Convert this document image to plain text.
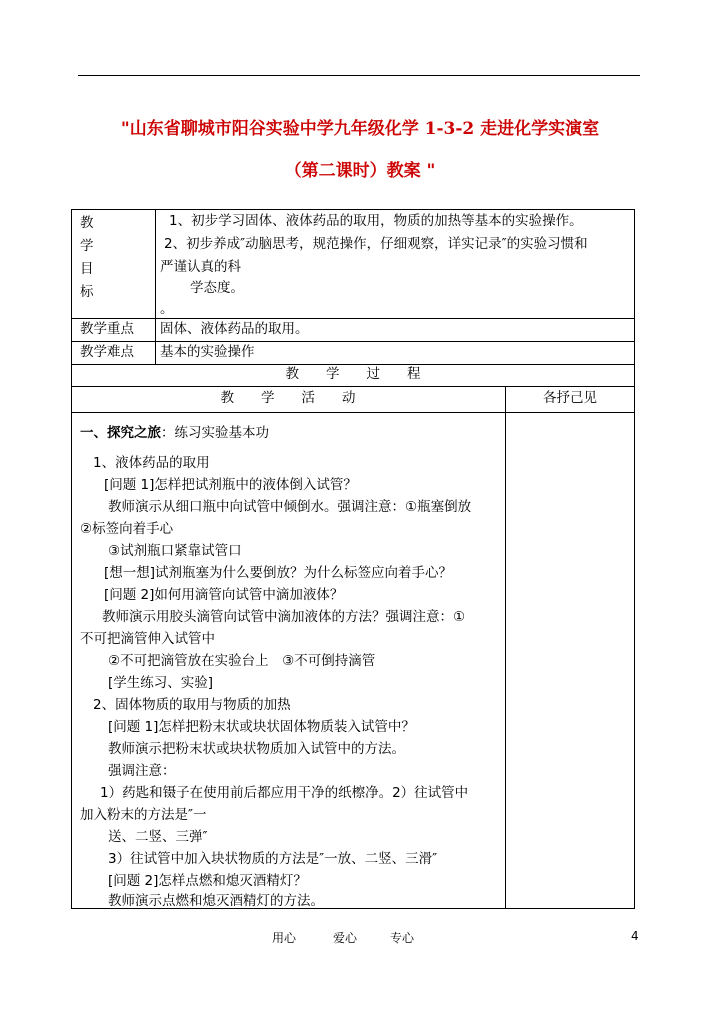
"山东省聊城市阳谷实验中学九年级化学 1-3-2 走进化学实演室
（第二课时）教案 "
教
学
目
标
1、初步学习固体、液体药品的取用，物质的加热等基本的实验操作。
2、初步养成″动脑思考，规范操作，仔细观察，详实记录″的实验习惯和
严谨认真的科
学态度。
。
教学重点 固体、液体药品的取用。
教学难点 基本的实验操作
教　　学　　过　　程
教　　学　　活　　动	各抒己见
一、探究之旅：练习实验基本功
1、液体药品的取用
[问题 1]怎样把试剂瓶中的液体倒入试管？
教师演示从细口瓶中向试管中倾倒水。强调注意：①瓶塞倒放
②标签向着手心
③试剂瓶口紧靠试管口
[想一想]试剂瓶塞为什么要倒放？为什么标签应向着手心？
[问题 2]如何用滴管向试管中滴加液体？
教师演示用胶头滴管向试管中滴加液体的方法？强调注意：①
不可把滴管伸入试管中
②不可把滴管放在实验台上　③不可倒持滴管
[学生练习、实验]
2、固体物质的取用与物质的加热
[问题 1]怎样把粉末状或块状固体物质装入试管中？
教师演示把粉末状或块状物质加入试管中的方法。
强调注意：
1）药匙和镊子在使用前后都应用干净的纸檫净。2）往试管中
加入粉末的方法是″一
送、二竖、三弹″
3）往试管中加入块状物质的方法是″一放、二竖、三滑″
[问题 2]怎样点燃和熄灭酒精灯？
教师演示点燃和熄灭酒精灯的方法。
用心	爱心	专心	4
